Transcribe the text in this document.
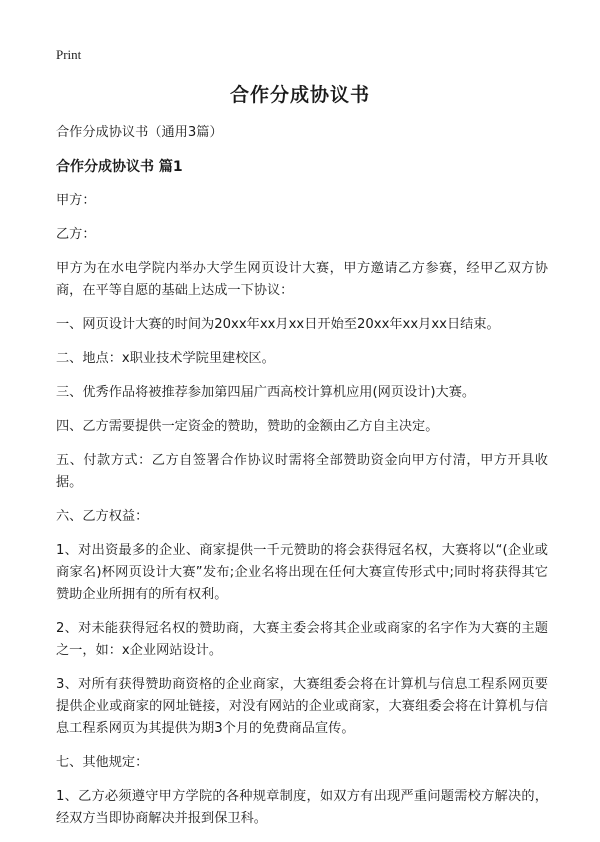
Print
合作分成协议书

合作分成协议书（通用3篇）

合作分成协议书 篇1

甲方：

乙方：

甲方为在水电学院内举办大学生网页设计大赛，甲方邀请乙方参赛，经甲乙双方协商，在平等自愿的基础上达成一下协议：

一、网页设计大赛的时间为20xx年xx月xx日开始至20xx年xx月xx日结束。

二、地点：x职业技术学院里建校区。

三、优秀作品将被推荐参加第四届广西高校计算机应用(网页设计)大赛。

四、乙方需要提供一定资金的赞助，赞助的金额由乙方自主决定。

五、付款方式：乙方自签署合作协议时需将全部赞助资金向甲方付清，甲方开具收据。

六、乙方权益：

1、对出资最多的企业、商家提供一千元赞助的将会获得冠名权，大赛将以“(企业或商家名)杯网页设计大赛”发布;企业名将出现在任何大赛宣传形式中;同时将获得其它赞助企业所拥有的所有权利。

2、对未能获得冠名权的赞助商，大赛主委会将其企业或商家的名字作为大赛的主题之一，如：x企业网站设计。

3、对所有获得赞助商资格的企业商家，大赛组委会将在计算机与信息工程系网页要提供企业或商家的网址链接，对没有网站的企业或商家，大赛组委会将在计算机与信息工程系网页为其提供为期3个月的免费商品宣传。

七、其他规定：

1、乙方必须遵守甲方学院的各种规章制度，如双方有出现严重问题需校方解决的，经双方当即协商解决并报到保卫科。
